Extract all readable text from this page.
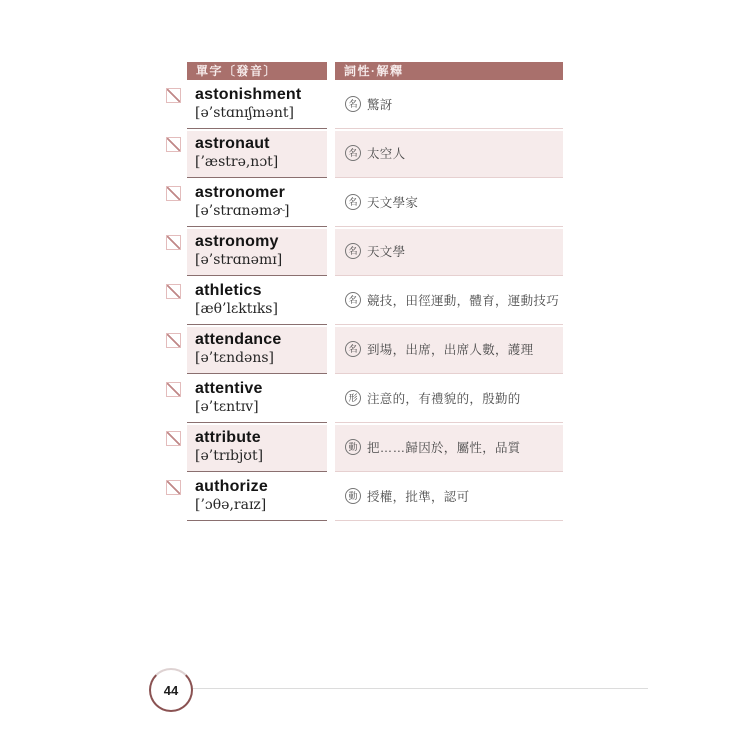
單字〔發音〕	詞性·解釋
astonishment
[ə’stɑnɪʃmənt]
名 驚訝
astronaut
[’æstrə,nɔt]
名 太空人
astronomer
[ə’strɑnəmɚ]
名 天文學家
astronomy
[ə’strɑnəmɪ]
名 天文學
athletics
[æθ’lɛktɪks]
名 競技，田徑運動，體育，運動技巧
attendance
[ə’tɛndəns]
名 到場，出席，出席人數，護理
attentive
[ə’tɛntɪv]
形 注意的，有禮貌的，殷勤的
attribute
[ə’trɪbjʊt]
動 把……歸因於，屬性，品質
authorize
[’ɔθə,raɪz]
動 授權，批準，認可
44
